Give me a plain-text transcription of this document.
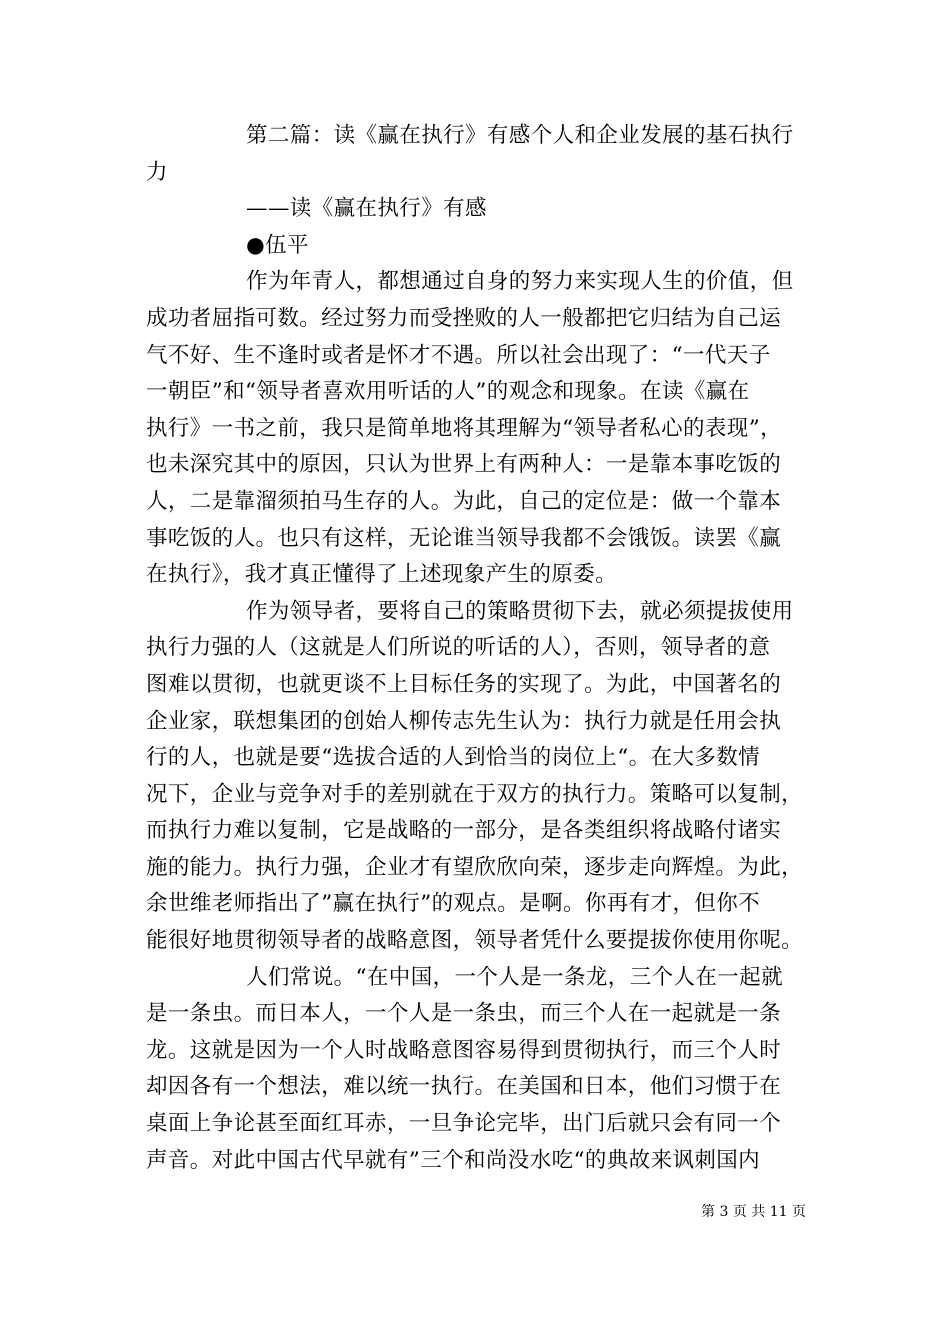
第二篇：读《赢在执行》有感个人和企业发展的基石执行
力
——读《赢在执行》有感
●伍平
作为年青人，都想通过自身的努力来实现人生的价值，但
成功者屈指可数。经过努力而受挫败的人一般都把它归结为自己运
气不好、生不逢时或者是怀才不遇。所以社会出现了：“一代天子
一朝臣”和“领导者喜欢用听话的人”的观念和现象。在读《赢在
执行》一书之前，我只是简单地将其理解为“领导者私心的表现”，
也未深究其中的原因，只认为世界上有两种人：一是靠本事吃饭的
人，二是靠溜须拍马生存的人。为此，自己的定位是：做一个靠本
事吃饭的人。也只有这样，无论谁当领导我都不会饿饭。读罢《赢
在执行》，我才真正懂得了上述现象产生的原委。
作为领导者，要将自己的策略贯彻下去，就必须提拔使用
执行力强的人（这就是人们所说的听话的人），否则，领导者的意
图难以贯彻，也就更谈不上目标任务的实现了。为此，中国著名的
企业家，联想集团的创始人柳传志先生认为：执行力就是任用会执
行的人，也就是要“选拔合适的人到恰当的岗位上“。在大多数情
况下，企业与竞争对手的差别就在于双方的执行力。策略可以复制，
而执行力难以复制，它是战略的一部分，是各类组织将战略付诸实
施的能力。执行力强，企业才有望欣欣向荣，逐步走向辉煌。为此，
余世维老师指出了”赢在执行”的观点。是啊。你再有才，但你不
能很好地贯彻领导者的战略意图，领导者凭什么要提拔你使用你呢。
人们常说。“在中国，一个人是一条龙，三个人在一起就
是一条虫。而日本人，一个人是一条虫，而三个人在一起就是一条
龙。这就是因为一个人时战略意图容易得到贯彻执行，而三个人时
却因各有一个想法，难以统一执行。在美国和日本，他们习惯于在
桌面上争论甚至面红耳赤，一旦争论完毕，出门后就只会有同一个
声音。对此中国古代早就有”三个和尚没水吃“的典故来讽刺国内
第 3 页 共 11 页
